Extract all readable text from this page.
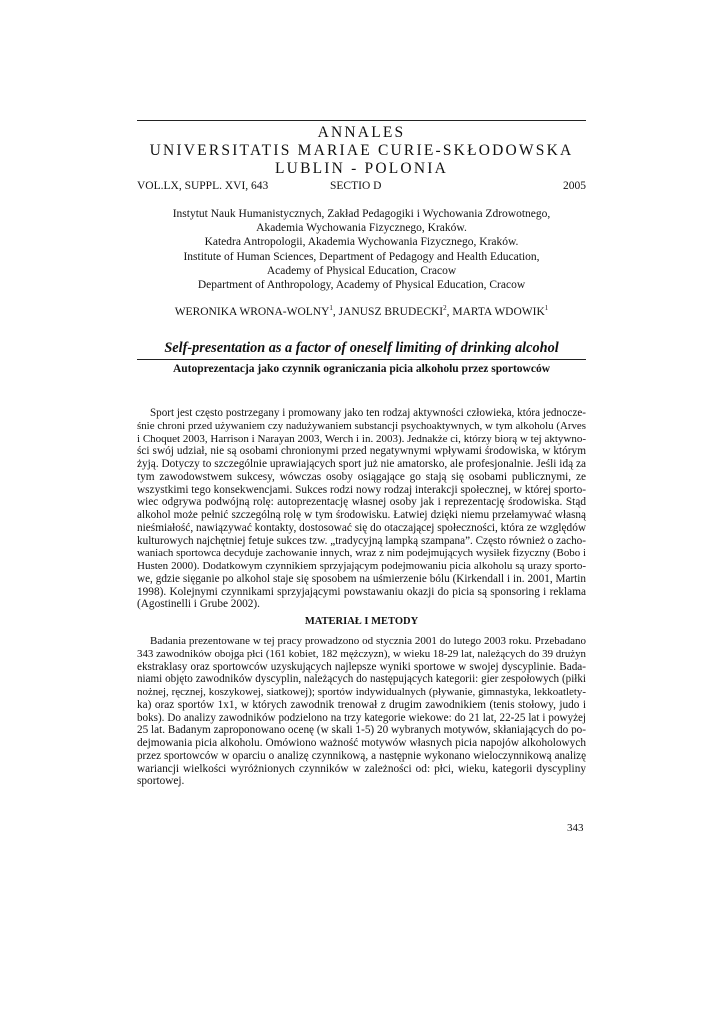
ANNALES
UNIVERSITATIS MARIAE CURIE-SKŁODOWSKA
LUBLIN - POLONIA
VOL.LX, SUPPL. XVI, 643	SECTIO D	2005
Instytut Nauk Humanistycznych, Zakład Pedagogiki i Wychowania Zdrowotnego,
Akademia Wychowania Fizycznego, Kraków.
Katedra Antropologii, Akademia Wychowania Fizycznego, Kraków.
Institute of Human Sciences, Department of Pedagogy and Health Education,
Academy of Physical Education, Cracow
Department of Anthropology, Academy of Physical Education, Cracow
WERONIKA WRONA-WOLNY$^1$, JANUSZ BRUDECKI$^2$, MARTA WDOWIK$^1$
Self-presentation as a factor of oneself limiting of drinking alcohol
Autoprezentacja jako czynnik ograniczania picia alkoholu przez sportowców
Sport jest często postrzegany i promowany jako ten rodzaj aktywności człowieka, która jednocze-
śnie chroni przed używaniem czy nadużywaniem substancji psychoaktywnych, w tym alkoholu (Arves
i Choquet 2003, Harrison i Narayan 2003, Werch i in. 2003). Jednakże ci, którzy biorą w tej aktywno-
ści swój udział, nie są osobami chronionymi przed negatywnymi wpływami środowiska, w którym
żyją. Dotyczy to szczególnie uprawiających sport już nie amatorsko, ale profesjonalnie. Jeśli idą za
tym zawodowstwem sukcesy, wówczas osoby osiągające go stają się osobami publicznymi, ze
wszystkimi tego konsekwencjami. Sukces rodzi nowy rodzaj interakcji społecznej, w której sporto-
wiec odgrywa podwójną rolę: autoprezentację własnej osoby jak i reprezentację środowiska. Stąd
alkohol może pełnić szczególną rolę w tym środowisku. Łatwiej dzięki niemu przełamywać własną
nieśmiałość, nawiązywać kontakty, dostosować się do otaczającej społeczności, która ze względów
kulturowych najchętniej fetuje sukces tzw. „tradycyjną lampką szampana”. Często również o zacho-
waniach sportowca decyduje zachowanie innych, wraz z nim podejmujących wysiłek fizyczny (Bobo i
Husten 2000). Dodatkowym czynnikiem sprzyjającym podejmowaniu picia alkoholu są urazy sporto-
we, gdzie sięganie po alkohol staje się sposobem na uśmierzenie bólu (Kirkendall i in. 2001, Martin
1998). Kolejnymi czynnikami sprzyjającymi powstawaniu okazji do picia są sponsoring i reklama
(Agostinelli i Grube 2002).
MATERIAŁ I METODY
Badania prezentowane w tej pracy prowadzono od stycznia 2001 do lutego 2003 roku. Przebadano
343 zawodników obojga płci (161 kobiet, 182 mężczyzn), w wieku 18-29 lat, należących do 39 drużyn
ekstraklasy oraz sportowców uzyskujących najlepsze wyniki sportowe w swojej dyscyplinie. Bada-
niami objęto zawodników dyscyplin, należących do następujących kategorii: gier zespołowych (piłki
nożnej, ręcznej, koszykowej, siatkowej); sportów indywidualnych (pływanie, gimnastyka, lekkoatlety-
ka) oraz sportów 1x1, w których zawodnik trenował z drugim zawodnikiem (tenis stołowy, judo i
boks). Do analizy zawodników podzielono na trzy kategorie wiekowe: do 21 lat, 22-25 lat i powyżej
25 lat. Badanym zaproponowano ocenę (w skali 1-5) 20 wybranych motywów, skłaniających do po-
dejmowania picia alkoholu. Omówiono ważność motywów własnych picia napojów alkoholowych
przez sportowców w oparciu o analizę czynnikową, a następnie wykonano wieloczynnikową analizę
wariancji wielkości wyróżnionych czynników w zależności od: płci, wieku, kategorii dyscypliny
sportowej.
343
